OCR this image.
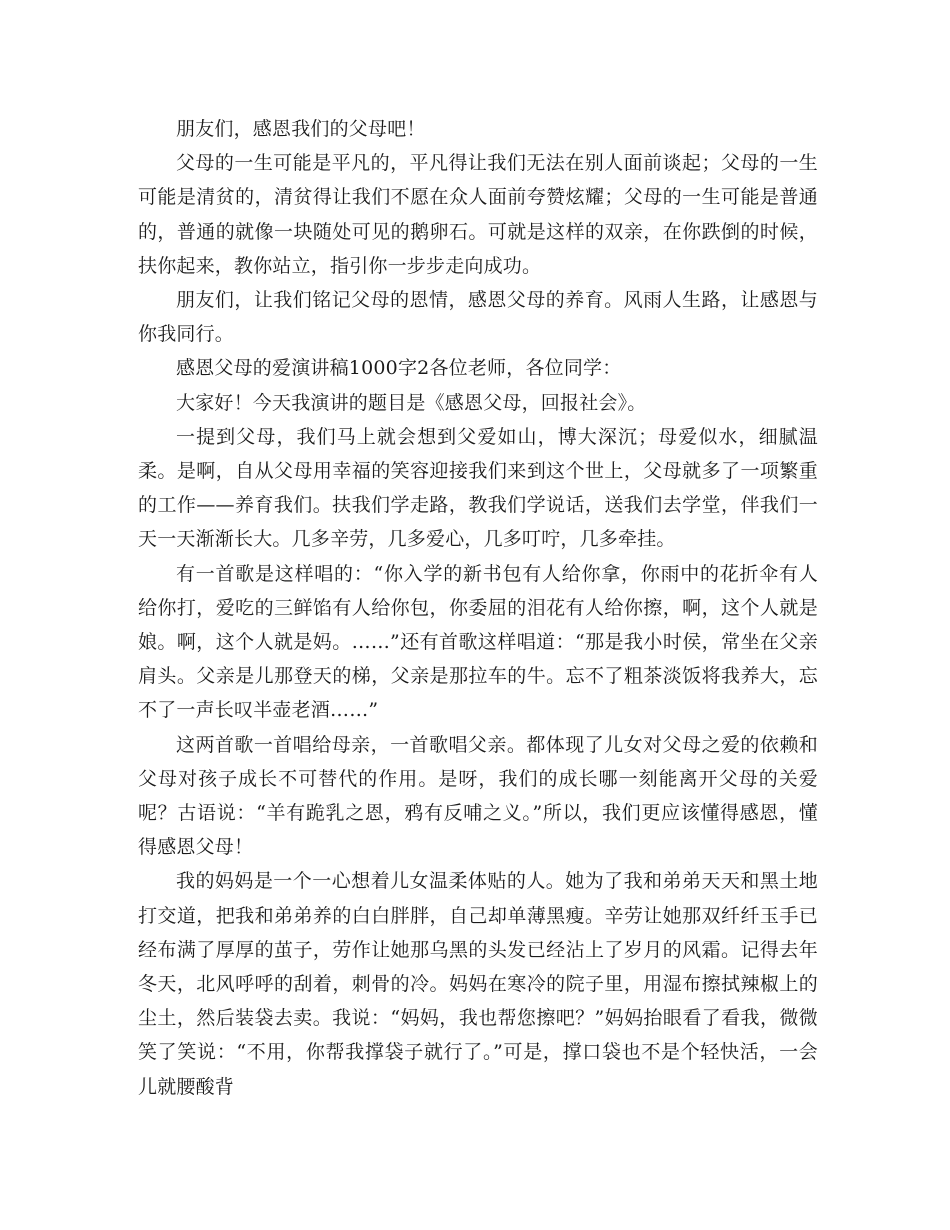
朋友们，感恩我们的父母吧！

父母的一生可能是平凡的，平凡得让我们无法在别人面前谈起；父母的一生可能是清贫的，清贫得让我们不愿在众人面前夸赞炫耀；父母的一生可能是普通的，普通的就像一块随处可见的鹅卵石。可就是这样的双亲，在你跌倒的时候，扶你起来，教你站立，指引你一步步走向成功。

朋友们，让我们铭记父母的恩情，感恩父母的养育。风雨人生路，让感恩与你我同行。

感恩父母的爱演讲稿1000字2各位老师，各位同学：

大家好！今天我演讲的题目是《感恩父母，回报社会》。

一提到父母，我们马上就会想到父爱如山，博大深沉；母爱似水，细腻温柔。是啊，自从父母用幸福的笑容迎接我们来到这个世上，父母就多了一项繁重的工作——养育我们。扶我们学走路，教我们学说话，送我们去学堂，伴我们一天一天渐渐长大。几多辛劳，几多爱心，几多叮咛，几多牵挂。

有一首歌是这样唱的：“你入学的新书包有人给你拿，你雨中的花折伞有人给你打，爱吃的三鲜馅有人给你包，你委屈的泪花有人给你擦，啊，这个人就是娘。啊，这个人就是妈。……”还有首歌这样唱道：“那是我小时侯，常坐在父亲肩头。父亲是儿那登天的梯，父亲是那拉车的牛。忘不了粗茶淡饭将我养大，忘不了一声长叹半壶老酒……”

这两首歌一首唱给母亲，一首歌唱父亲。都体现了儿女对父母之爱的依赖和父母对孩子成长不可替代的作用。是呀，我们的成长哪一刻能离开父母的关爱呢？古语说：“羊有跪乳之恩，鸦有反哺之义。”所以，我们更应该懂得感恩，懂得感恩父母！

我的妈妈是一个一心想着儿女温柔体贴的人。她为了我和弟弟天天和黑土地打交道，把我和弟弟养的白白胖胖，自己却单薄黑瘦。辛劳让她那双纤纤玉手已经布满了厚厚的茧子，劳作让她那乌黑的头发已经沾上了岁月的风霜。记得去年冬天，北风呼呼的刮着，刺骨的冷。妈妈在寒冷的院子里，用湿布擦拭辣椒上的尘土，然后装袋去卖。我说：“妈妈，我也帮您擦吧？”妈妈抬眼看了看我，微微笑了笑说：“不用，你帮我撑袋子就行了。”可是，撑口袋也不是个轻快活，一会儿就腰酸背
